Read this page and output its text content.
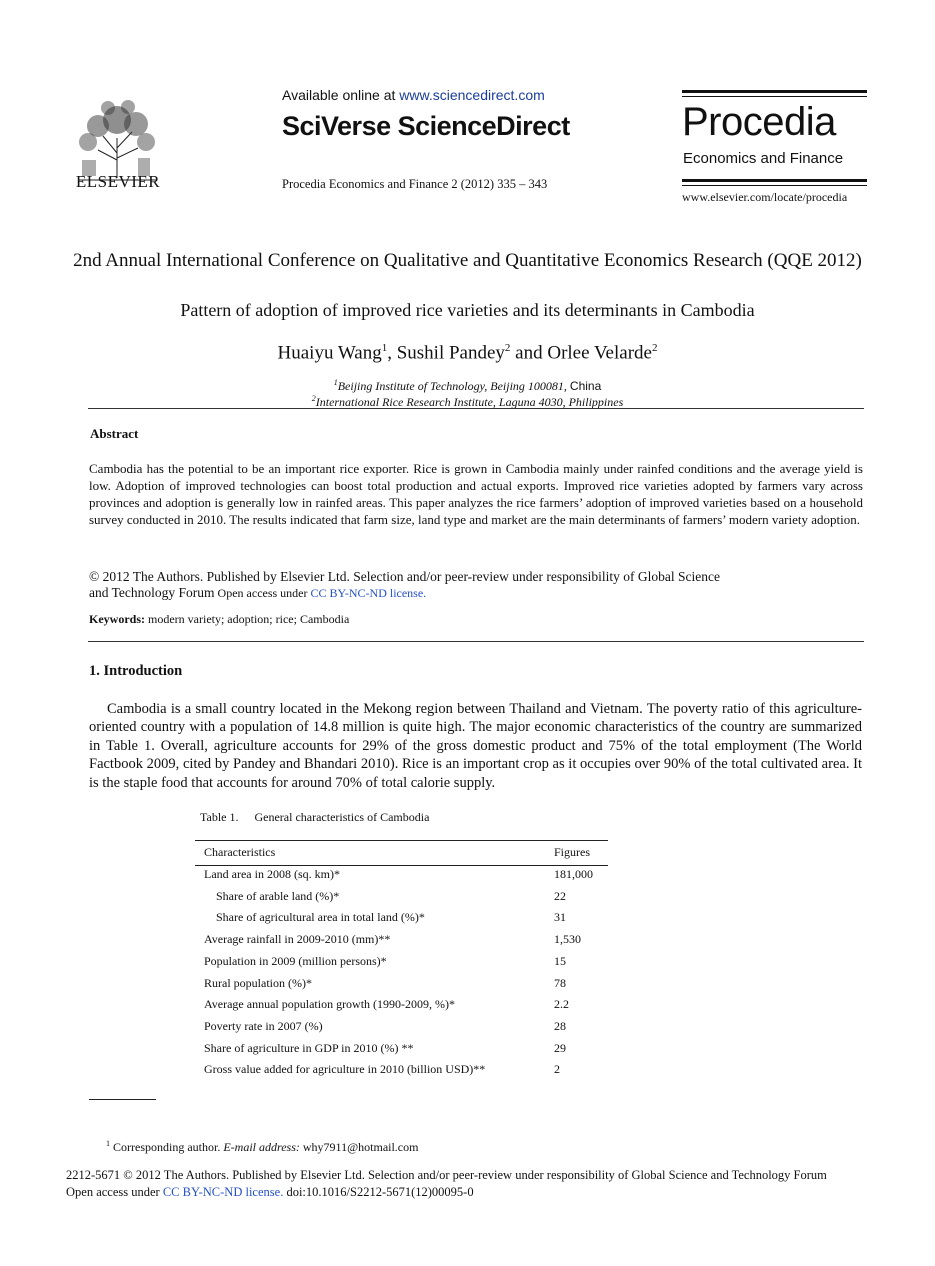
ELSEVIER
Available online at www.sciencedirect.com
SciVerse ScienceDirect
Procedia Economics and Finance 2 (2012) 335 – 343
Procedia
Economics and Finance
www.elsevier.com/locate/procedia
2nd Annual International Conference on Qualitative and Quantitative Economics Research (QQE 2012)
Pattern of adoption of improved rice varieties and its determinants in Cambodia
Huaiyu Wang$^1$, Sushil Pandey$^2$ and Orlee Velarde$^2$
$^1$Beijing Institute of Technology, Beijing 100081, China
$^2$International Rice Research Institute, Laguna 4030, Philippines
Abstract
Cambodia has the potential to be an important rice exporter. Rice is grown in Cambodia mainly under rainfed conditions and the average yield is low. Adoption of improved technologies can boost total production and actual exports. Improved rice varieties adopted by farmers vary across provinces and adoption is generally low in rainfed areas. This paper analyzes the rice farmers’ adoption of improved varieties based on a household survey conducted in 2010. The results indicated that farm size, land type and market are the main determinants of farmers’ modern variety adoption.
© 2012 The Authors. Published by Elsevier Ltd. Selection and/or peer-review under responsibility of Global Science
and Technology Forum Open access under CC BY-NC-ND license.
Keywords: modern variety; adoption; rice; Cambodia
1. Introduction
Cambodia is a small country located in the Mekong region between Thailand and Vietnam. The poverty ratio of this agriculture-oriented country with a population of 14.8 million is quite high. The major economic characteristics of the country are summarized in Table 1. Overall, agriculture accounts for 29% of the gross domestic product and 75% of the total employment (The World Factbook 2009, cited by Pandey and Bhandari 2010). Rice is an important crop as it occupies over 90% of the total cultivated area. It is the staple food that accounts for around 70% of total calorie supply.
Table 1. General characteristics of Cambodia
Characteristics	Figures
Land area in 2008 (sq. km)*	181,000
Share of arable land (%)*	22
Share of agricultural area in total land (%)*	31
Average rainfall in 2009-2010 (mm)**	1,530
Population in 2009 (million persons)*	15
Rural population (%)*	78
Average annual population growth (1990-2009, %)*	2.2
Poverty rate in 2007 (%)	28
Share of agriculture in GDP in 2010 (%) **	29
Gross value added for agriculture in 2010 (billion USD)**	2
$^1$ Corresponding author. E-mail address: why7911@hotmail.com
2212-5671 © 2012 The Authors. Published by Elsevier Ltd. Selection and/or peer-review under responsibility of Global Science and Technology Forum
Open access under CC BY-NC-ND license. doi:10.1016/S2212-5671(12)00095-0
